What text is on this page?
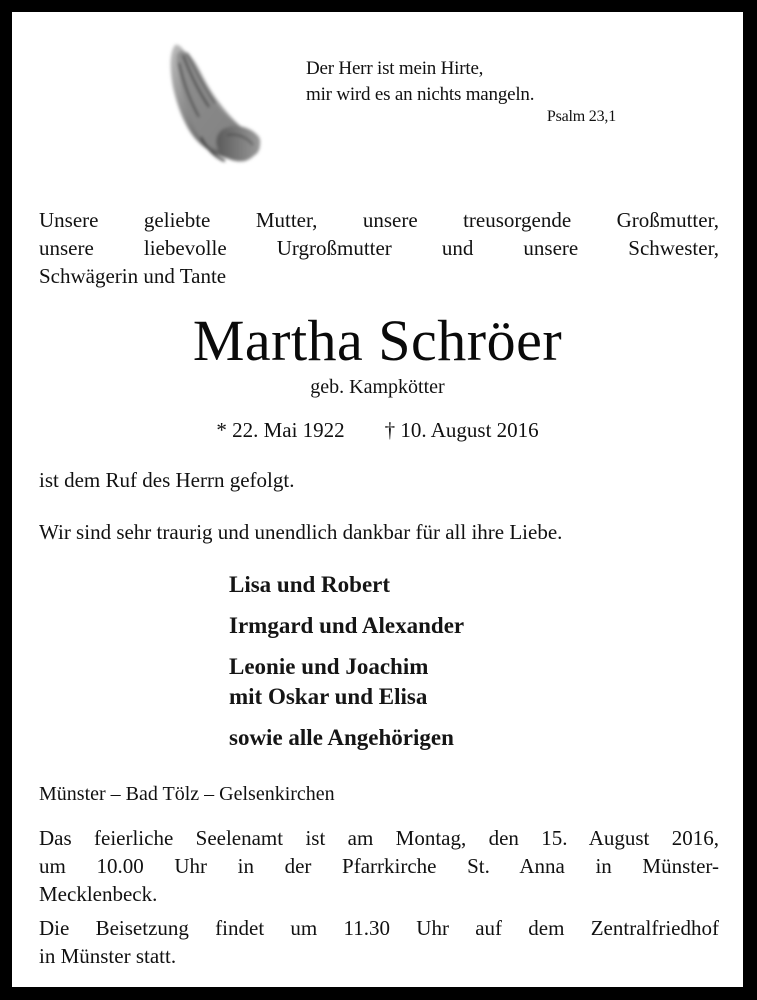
Der Herr ist mein Hirte,
mir wird es an nichts mangeln.
Psalm 23,1
Unsere geliebte Mutter, unsere treusorgende Großmutter,
unsere liebevolle Urgroßmutter und unsere Schwester,
Schwägerin und Tante
Martha Schröer
geb. Kampkötter
* 22. Mai 1922 † 10. August 2016
ist dem Ruf des Herrn gefolgt.
Wir sind sehr traurig und unendlich dankbar für all ihre Liebe.
Lisa und Robert
Irmgard und Alexander
Leonie und Joachim
mit Oskar und Elisa
sowie alle Angehörigen
Münster – Bad Tölz – Gelsenkirchen
Das feierliche Seelenamt ist am Montag, den 15. August 2016,
um 10.00 Uhr in der Pfarrkirche St. Anna in Münster-
Mecklenbeck.
Die Beisetzung findet um 11.30 Uhr auf dem Zentralfriedhof
in Münster statt.
